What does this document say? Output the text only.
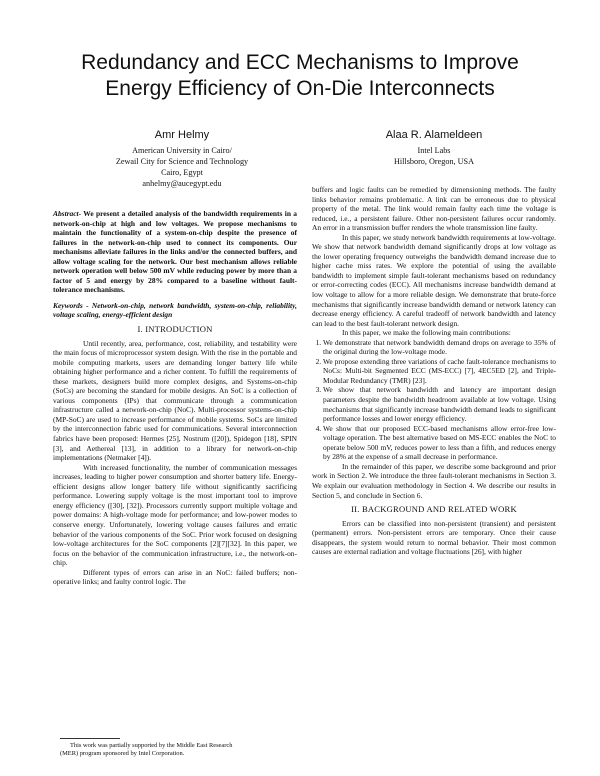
Redundancy and ECC Mechanisms to Improve
Energy Efficiency of On-Die Interconnects
Amr Helmy
American University in Cairo/
Zewail City for Science and Technology
Cairo, Egypt
anhelmy@aucegypt.edu
Alaa R. Alameldeen
Intel Labs
Hillsboro, Oregon, USA

Abstract- We present a detailed analysis of the bandwidth requirements in a network-on-chip at high and low voltages. We propose mechanisms to maintain the functionality of a system-on-chip despite the presence of failures in the network-on-chip used to connect its components. Our mechanisms alleviate failures in the links and/or the connected buffers, and allow voltage scaling for the network. Our best mechanism allows reliable network operation well below 500 mV while reducing power by more than a factor of 5 and energy by 28% compared to a baseline without fault-tolerance mechanisms.

Keywords - Network-on-chip, network bandwidth, system-on-chip, reliability, voltage scaling, energy-efficient design

I. INTRODUCTION

Until recently, area, performance, cost, reliability, and testability were the main focus of microprocessor system design. With the rise in the portable and mobile computing markets, users are demanding longer battery life while obtaining higher performance and a richer content. To fulfill the requirements of these markets, designers build more complex designs, and Systems-on-chip (SoCs) are becoming the standard for mobile designs. An SoC is a collection of various components (IPs) that communicate through a communication infrastructure called a network-on-chip (NoC). Multi-processor systems-on-chip (MP-SoC) are used to increase performance of mobile systems. SoCs are limited by the interconnection fabric used for communications. Several interconnection fabrics have been proposed: Hermes [25], Nostrum ([20]), Spidegon [18], SPIN [3], and Aethereal [13], in addition to a library for network-on-chip implementations (Netmaker [4]).

With increased functionality, the number of communication messages increases, leading to higher power consumption and shorter battery life. Energy-efficient designs allow longer battery life without significantly sacrificing performance. Lowering supply voltage is the most important tool to improve energy efficiency ([30], [32]). Processors currently support multiple voltage and power domains: A high-voltage mode for performance; and low-power modes to conserve energy. Unfortunately, lowering voltage causes failures and erratic behavior of the various components of the SoC. Prior work focused on designing low-voltage architectures for the SoC components [2][7][32]. In this paper, we focus on the behavior of the communication infrastructure, i.e., the network-on-chip.

Different types of errors can arise in an NoC: failed buffers; non-operative links; and faulty control logic. The

buffers and logic faults can be remedied by dimensioning methods. The faulty links behavior remains problematic. A link can be erroneous due to physical property of the metal. The link would remain faulty each time the voltage is reduced, i.e., a persistent failure. Other non-persistent failures occur randomly. An error in a transmission buffer renders the whole transmission line faulty.

In this paper, we study network bandwidth requirements at low-voltage. We show that network bandwidth demand significantly drops at low voltage as the lower operating frequency outweighs the bandwidth demand increase due to higher cache miss rates. We explore the potential of using the available bandwidth to implement simple fault-tolerant mechanisms based on redundancy or error-correcting codes (ECC). All mechanisms increase bandwidth demand at low voltage to allow for a more reliable design. We demonstrate that brute-force mechanisms that significantly increase bandwidth demand or network latency can decrease energy efficiency. A careful tradeoff of network bandwidth and latency can lead to the best fault-tolerant network design.

In this paper, we make the following main contributions:

1. We demonstrate that network bandwidth demand drops on average to 35% of the original during the low-voltage mode.
2. We propose extending three variations of cache fault-tolerance mechanisms to NoCs: Multi-bit Segmented ECC (MS-ECC) [7], 4EC5ED [2], and Triple-Modular Redundancy (TMR) [23].
3. We show that network bandwidth and latency are important design parameters despite the bandwidth headroom available at low voltage. Using mechanisms that significantly increase bandwidth demand leads to significant performance losses and lower energy efficiency.
4. We show that our proposed ECC-based mechanisms allow error-free low-voltage operation. The best alternative based on MS-ECC enables the NoC to operate below 500 mV, reduces power to less than a fifth, and reduces energy by 28% at the expense of a small decrease in performance.

In the remainder of this paper, we describe some background and prior work in Section 2. We introduce the three fault-tolerant mechanisms in Section 3. We explain our evaluation methodology in Section 4. We describe our results in Section 5, and conclude in Section 6.

II. BACKGROUND AND RELATED WORK

Errors can be classified into non-persistent (transient) and persistent (permanent) errors. Non-persistent errors are temporary. Once their cause disappears, the system would return to normal behavior. Their most common causes are external radiation and voltage fluctuations [26], with higher

This work was partially supported by the Middle East Research
(MER) program sponsored by Intel Corporation.
